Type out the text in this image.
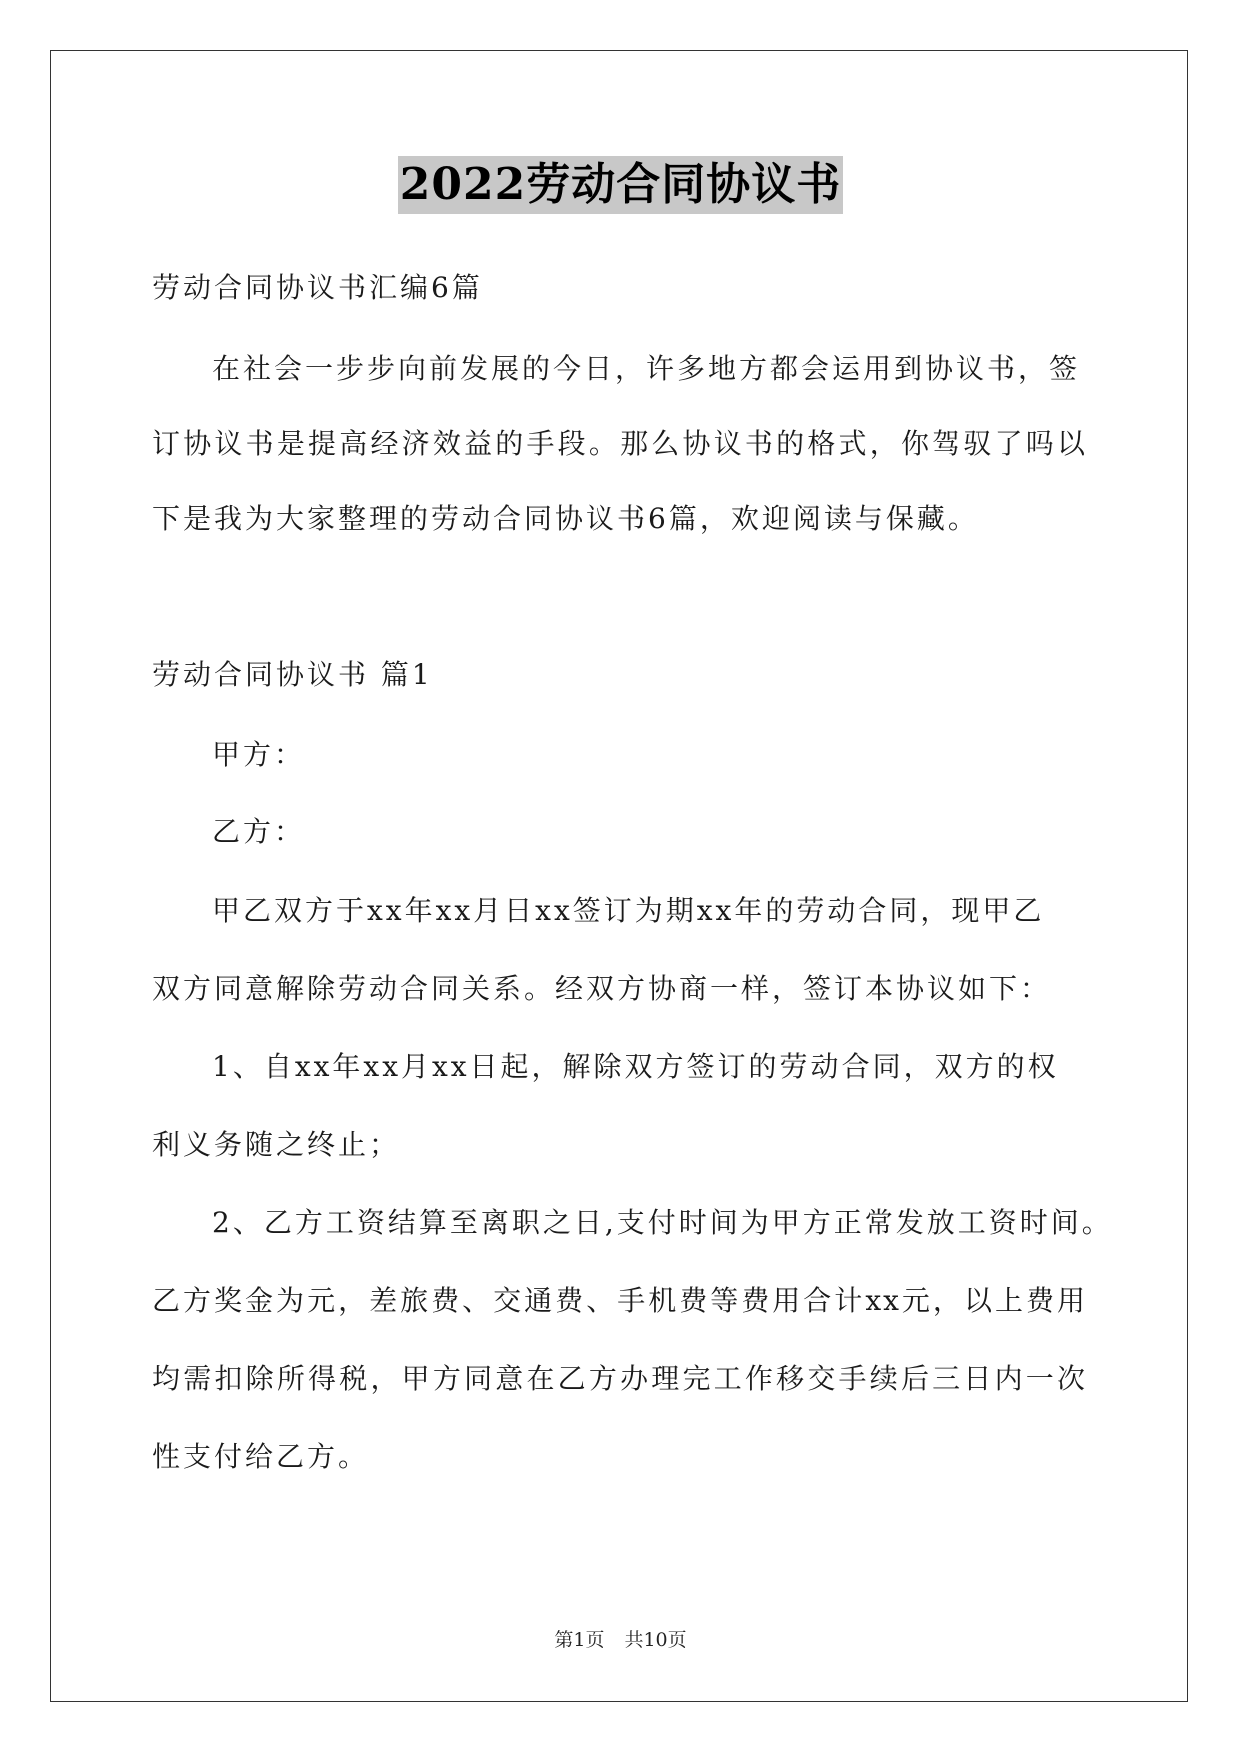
2022劳动合同协议书
劳动合同协议书汇编6篇
在社会一步步向前发展的今日，许多地方都会运用到协议书，签
订协议书是提高经济效益的手段。那么协议书的格式，你驾驭了吗以
下是我为大家整理的劳动合同协议书6篇，欢迎阅读与保藏。
劳动合同协议书 篇1
甲方：
乙方：
甲乙双方于xx年xx月日xx签订为期xx年的劳动合同，现甲乙
双方同意解除劳动合同关系。经双方协商一样，签订本协议如下：
1、自xx年xx月xx日起，解除双方签订的劳动合同，双方的权
利义务随之终止；
2、乙方工资结算至离职之日,支付时间为甲方正常发放工资时间。
乙方奖金为元，差旅费、交通费、手机费等费用合计xx元，以上费用
均需扣除所得税，甲方同意在乙方办理完工作移交手续后三日内一次
性支付给乙方。
第1页 共10页
